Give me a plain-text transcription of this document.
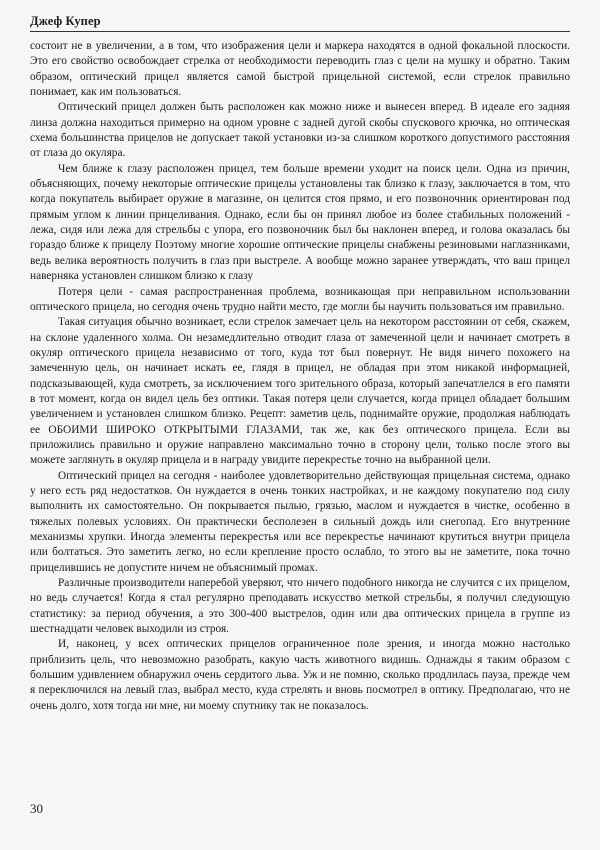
Джеф Купер

состоит не в увеличении, а в том, что изображения цели и маркера находятся в одной фокальной плоскости. Это его свойство освобождает стрелка от необходимости переводить глаз с цели на мушку и обратно. Таким образом, оптический прицел является самой быстрой прицельной системой, если стрелок правильно понимает, как им пользоваться.

Оптический прицел должен быть расположен как можно ниже и вынесен вперед. В идеале его задняя линза должна находиться примерно на одном уровне с задней дугой скобы спускового крючка, но оптическая схема большинства прицелов не допускает такой установки из-за слишком короткого допустимого расстояния от глаза до окуляра.

Чем ближе к глазу расположен прицел, тем больше времени уходит на поиск цели. Одна из причин, объясняющих, почему некоторые оптические прицелы установлены так близко к глазу, заключается в том, что когда покупатель выбирает оружие в магазине, он целится стоя прямо, и его позвоночник ориентирован под прямым углом к линии прицеливания. Однако, если бы он принял любое из более стабильных положений - лежа, сидя или лежа для стрельбы с упора, его позвоночник был бы наклонен вперед, и голова оказалась бы гораздо ближе к прицелу Поэтому многие хорошие оптические прицелы снабжены резиновыми наглазниками, ведь велика вероятность получить в глаз при выстреле. А вообще можно заранее утверждать, что ваш прицел наверняка установлен слишком близко к глазу

Потеря цели - самая распространенная проблема, возникающая при неправильном использовании оптического прицела, но сегодня очень трудно найти место, где могли бы научить пользоваться им правильно.

Такая ситуация обычно возникает, если стрелок замечает цель на некотором расстоянии от себя, скажем, на склоне удаленного холма. Он незамедлительно отводит глаза от замеченной цели и начинает смотреть в окуляр оптического прицела независимо от того, куда тот был повернут. Не видя ничего похожего на замеченную цель, он начинает искать ее, глядя в прицел, не обладая при этом никакой информацией, подсказывающей, куда смотреть, за исключением того зрительного образа, который запечатлелся в его памяти в тот момент, когда он видел цель без оптики. Такая потеря цели случается, когда прицел обладает большим увеличением и установлен слишком близко. Рецепт: заметив цель, поднимайте оружие, продолжая наблюдать ее ОБОИМИ ШИРОКО ОТКРЫТЫМИ ГЛАЗАМИ, так же, как без оптического прицела. Если вы приложились правильно и оружие направлено максимально точно в сторону цели, только после этого вы можете заглянуть в окуляр прицела и в награду увидите перекрестье точно на выбранной цели.

Оптический прицел на сегодня - наиболее удовлетворительно действующая прицельная система, однако у него есть ряд недостатков. Он нуждается в очень тонких настройках, и не каждому покупателю под силу выполнить их самостоятельно. Он покрывается пылью, грязью, маслом и нуждается в чистке, особенно в тяжелых полевых условиях. Он практически бесполезен в сильный дождь или снегопад. Его внутренние механизмы хрупки. Иногда элементы перекрестья или все перекрестье начинают крутиться внутри прицела или болтаться. Это заметить легко, но если крепление просто ослабло, то этого вы не заметите, пока точно прицелившись не допустите ничем не объяснимый промах.

Различные производители наперебой уверяют, что ничего подобного никогда не случится с их прицелом, но ведь случается! Когда я стал регулярно преподавать искусство меткой стрельбы, я получил следующую статистику: за период обучения, а это 300-400 выстрелов, один или два оптических прицела в группе из шестнадцати человек выходили из строя.

И, наконец, у всех оптических прицелов ограниченное поле зрения, и иногда можно настолько приблизить цель, что невозможно разобрать, какую часть животного видишь. Однажды я таким образом с большим удивлением обнаружил очень сердитого льва. Уж и не помню, сколько продлилась пауза, прежде чем я переключился на левый глаз, выбрал место, куда стрелять и вновь посмотрел в оптику. Предполагаю, что не очень долго, хотя тогда ни мне, ни моему спутнику так не показалось.

30
